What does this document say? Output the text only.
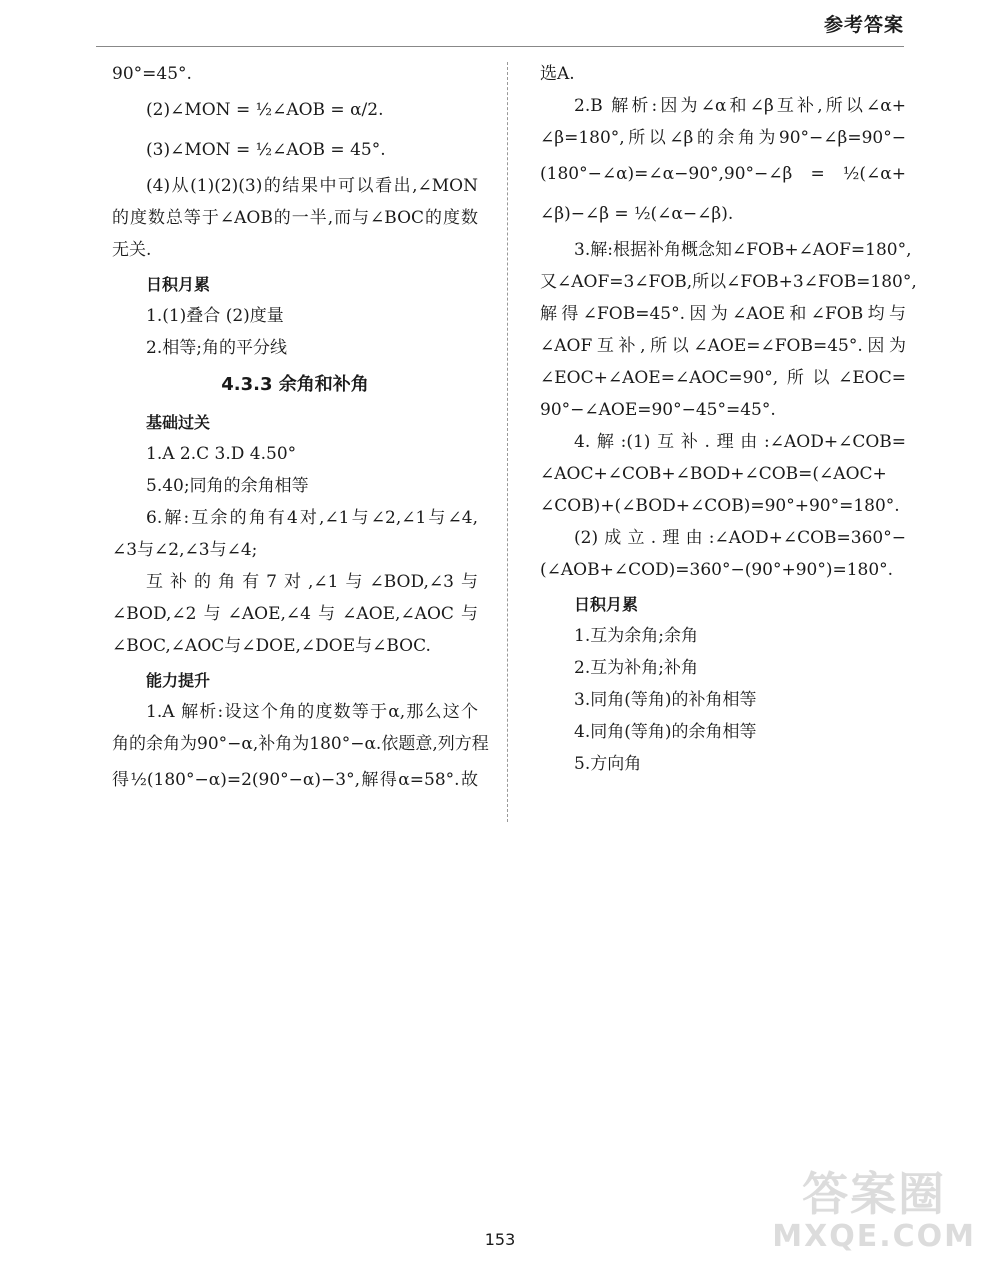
参考答案

90°=45°.

(2)∠MON = ½∠AOB = α/2.

(3)∠MON = ½∠AOB = 45°.

(4)从(1)(2)(3)的结果中可以看出,∠MON

的度数总等于∠AOB的一半,而与∠BOC的度数

无关.

日积月累

1.(1)叠合 (2)度量

2.相等;角的平分线

4.3.3 余角和补角
基础过关

1.A 2.C 3.D 4.50°

5.40;同角的余角相等

6.解:互余的角有4对,∠1与∠2,∠1与∠4,

∠3与∠2,∠3与∠4;

互补的角有7对,∠1与∠BOD,∠3与

∠BOD,∠2与∠AOE,∠4与∠AOE,∠AOC与

∠BOC,∠AOC与∠DOE,∠DOE与∠BOC.

能力提升

1.A 解析:设这个角的度数等于α,那么这个

角的余角为90°−α,补角为180°−α.依题意,列方程

得½(180°−α)=2(90°−α)−3°,解得α=58°.故

选A.

2.B 解析:因为∠α和∠β互补,所以∠α+

∠β=180°,所以∠β的余角为90°−∠β=90°−

(180°−∠α)=∠α−90°,90°−∠β = ½(∠α+

∠β)−∠β = ½(∠α−∠β).

3.解:根据补角概念知∠FOB+∠AOF=180°,

又∠AOF=3∠FOB,所以∠FOB+3∠FOB=180°,

解得∠FOB=45°.因为∠AOE和∠FOB均与

∠AOF互补,所以∠AOE=∠FOB=45°.因为

∠EOC+∠AOE=∠AOC=90°,所以∠EOC=

90°−∠AOE=90°−45°=45°.

4.解:(1)互补.理由:∠AOD+∠COB=

∠AOC+∠COB+∠BOD+∠COB=(∠AOC+

∠COB)+(∠BOD+∠COB)=90°+90°=180°.

(2)成立.理由:∠AOD+∠COB=360°−

(∠AOB+∠COD)=360°−(90°+90°)=180°.

日积月累

1.互为余角;余角

2.互为补角;补角

3.同角(等角)的补角相等

4.同角(等角)的余角相等

5.方向角

153
答案圈
MXQE.COM
